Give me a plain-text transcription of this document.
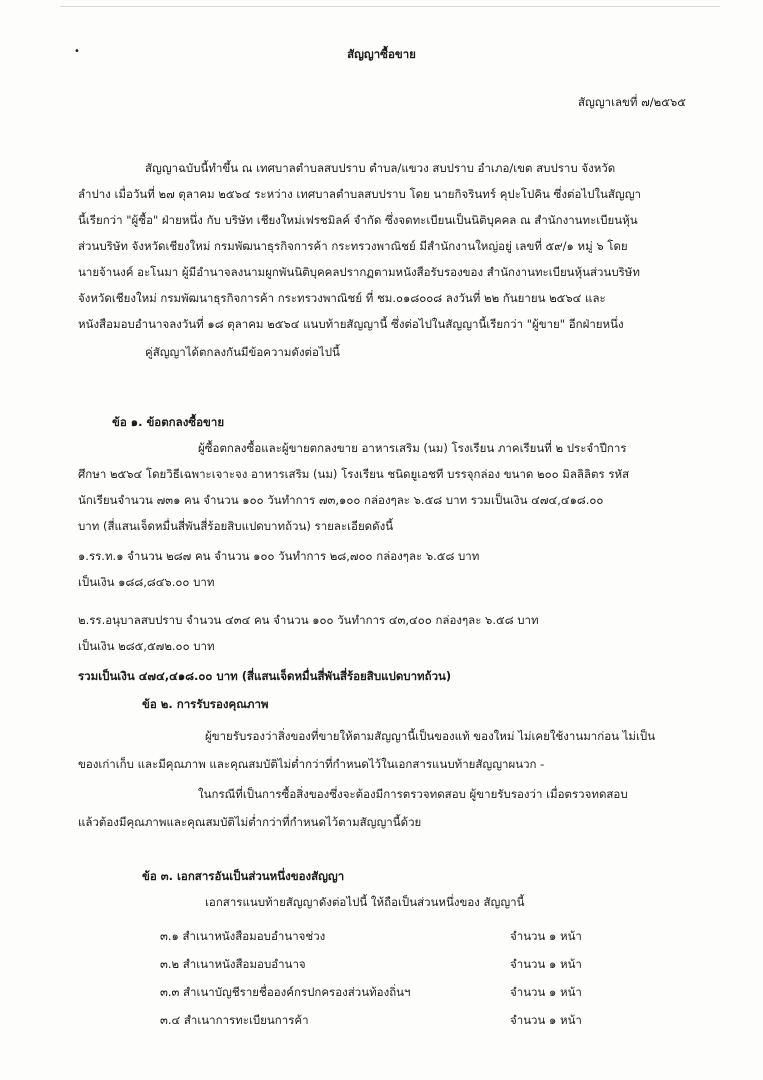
•	สัญญาซื้อขาย
สัญญาเลขที่ ๗/๒๕๖๕
สัญญาฉบับนี้ทำขึ้น ณ เทศบาลตำบลสบปราบ ตำบล/แขวง สบปราบ อำเภอ/เขต สบปราบ จังหวัด
ลำปาง เมื่อวันที่ ๒๗ ตุลาคม ๒๕๖๔ ระหว่าง เทศบาลตำบลสบปราบ โดย นายกิจรินทร์ คุปะโปคิน ซึ่งต่อไปในสัญญา
นี้เรียกว่า "ผู้ซื้อ" ฝ่ายหนึ่ง กับ บริษัท เชียงใหม่เฟรชมิลค์ จำกัด ซึ่งจดทะเบียนเป็นนิติบุคคล ณ สำนักงานทะเบียนหุ้น
ส่วนบริษัท จังหวัดเชียงใหม่ กรมพัฒนาธุรกิจการค้า กระทรวงพาณิชย์ มีสำนักงานใหญ่อยู่ เลขที่ ๕๙/๑ หมู่ ๖ โดย
นายจ้านงค์ อะโนมา ผู้มีอำนาจลงนามผูกพันนิติบุคคลปรากฏตามหนังสือรับรองของ สำนักงานทะเบียนหุ้นส่วนบริษัท
จังหวัดเชียงใหม่ กรมพัฒนาธุรกิจการค้า กระทรวงพาณิชย์ ที่ ชม.๐๑๘๐๐๘ ลงวันที่ ๒๒ กันยายน ๒๕๖๔ และ
หนังสือมอบอำนาจลงวันที่ ๑๘ ตุลาคม ๒๕๖๔ แนบท้ายสัญญานี้ ซึ่งต่อไปในสัญญานี้เรียกว่า "ผู้ขาย" อีกฝ่ายหนึ่ง
คู่สัญญาได้ตกลงกันมีข้อความดังต่อไปนี้
ข้อ ๑. ข้อตกลงซื้อขาย
ผู้ซื้อตกลงซื้อและผู้ขายตกลงขาย อาหารเสริม (นม) โรงเรียน ภาคเรียนที่ ๒ ประจำปีการ
ศึกษา ๒๕๖๔ โดยวิธีเฉพาะเจาะจง อาหารเสริม (นม) โรงเรียน ชนิดยูเอชที บรรจุกล่อง ขนาด ๒๐๐ มิลลิลิตร รหัส
นักเรียนจำนวน ๗๓๑ คน จำนวน ๑๐๐ วันทำการ ๗๓,๑๐๐ กล่องๆละ ๖.๕๘ บาท รวมเป็นเงิน ๔๗๔,๔๑๘.๐๐
บาท (สี่แสนเจ็ดหมื่นสี่พันสี่ร้อยสิบแปดบาทถ้วน) รายละเอียดดังนี้
๑.รร.ท.๑ จำนวน ๒๘๗ คน จำนวน ๑๐๐ วันทำการ ๒๘,๗๐๐ กล่องๆละ ๖.๕๘ บาท
เป็นเงิน ๑๘๘,๘๔๖.๐๐ บาท
๒.รร.อนุบาลสบปราบ จำนวน ๔๓๔ คน จำนวน ๑๐๐ วันทำการ ๔๓,๔๐๐ กล่องๆละ ๖.๕๘ บาท
เป็นเงิน ๒๘๕,๕๗๒.๐๐ บาท
รวมเป็นเงิน ๔๗๔,๔๑๘.๐๐ บาท (สี่แสนเจ็ดหมื่นสี่พันสี่ร้อยสิบแปดบาทถ้วน)
ข้อ ๒. การรับรองคุณภาพ
ผู้ขายรับรองว่าสิ่งของที่ขายให้ตามสัญญานี้เป็นของแท้ ของใหม่ ไม่เคยใช้งานมาก่อน ไม่เป็น
ของเก่าเก็บ และมีคุณภาพ และคุณสมบัติไม่ต่ำกว่าที่กำหนดไว้ในเอกสารแนบท้ายสัญญาผนวก -
ในกรณีที่เป็นการซื้อสิ่งของซึ่งจะต้องมีการตรวจทดสอบ ผู้ขายรับรองว่า เมื่อตรวจทดสอบ
แล้วต้องมีคุณภาพและคุณสมบัติไม่ต่ำกว่าที่กำหนดไว้ตามสัญญานี้ด้วย
ข้อ ๓. เอกสารอันเป็นส่วนหนึ่งของสัญญา
เอกสารแนบท้ายสัญญาดังต่อไปนี้ ให้ถือเป็นส่วนหนึ่งของ สัญญานี้
๓.๑ สำเนาหนังสือมอบอำนาจช่วง	จำนวน ๑ หน้า
๓.๒ สำเนาหนังสือมอบอำนาจ	จำนวน ๑ หน้า
๓.๓ สำเนาบัญชีรายชื่อองค์กรปกครองส่วนท้องถิ่นฯ	จำนวน ๑ หน้า
๓.๔ สำเนาการทะเบียนการค้า	จำนวน ๑ หน้า
